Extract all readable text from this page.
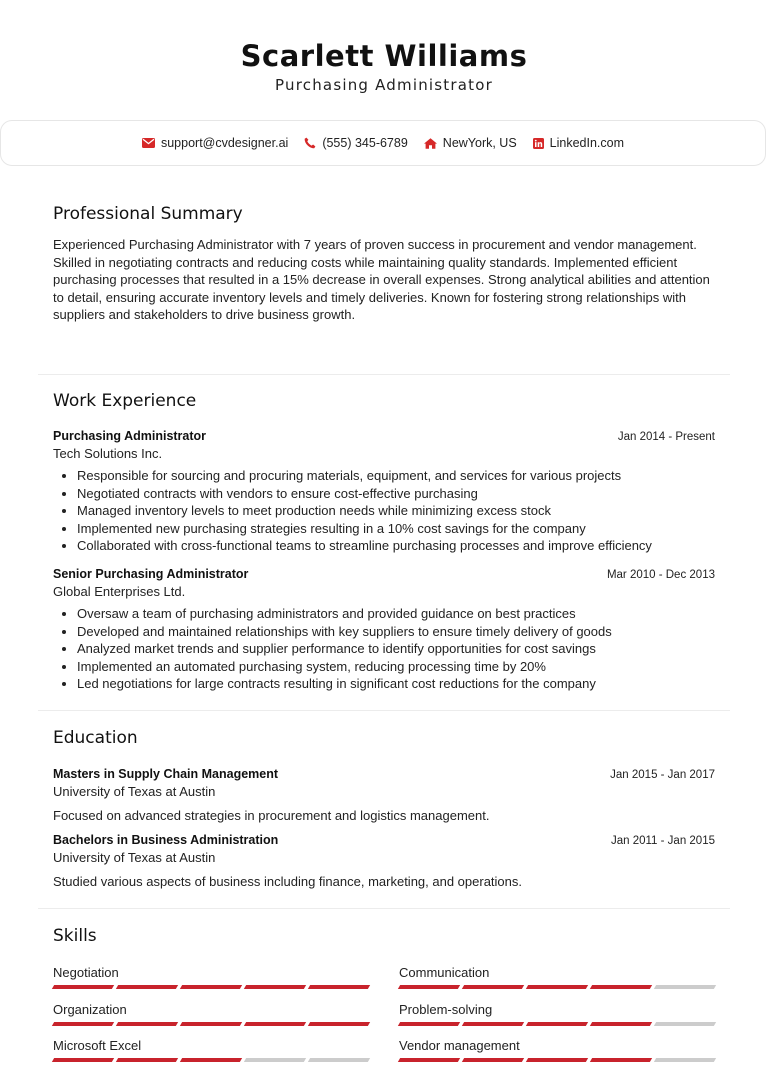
Scarlett Williams
Purchasing Administrator
support@cvdesigner.ai	(555) 345-6789	NewYork, US	LinkedIn.com
Professional Summary
Experienced Purchasing Administrator with 7 years of proven success in procurement and vendor management. Skilled in negotiating contracts and reducing costs while maintaining quality standards. Implemented efficient purchasing processes that resulted in a 15% decrease in overall expenses. Strong analytical abilities and attention to detail, ensuring accurate inventory levels and timely deliveries. Known for fostering strong relationships with suppliers and stakeholders to drive business growth.
Work Experience
Purchasing Administrator	Jan 2014 - Present
Tech Solutions Inc.
• Responsible for sourcing and procuring materials, equipment, and services for various projects
• Negotiated contracts with vendors to ensure cost-effective purchasing
• Managed inventory levels to meet production needs while minimizing excess stock
• Implemented new purchasing strategies resulting in a 10% cost savings for the company
• Collaborated with cross-functional teams to streamline purchasing processes and improve efficiency
Senior Purchasing Administrator	Mar 2010 - Dec 2013
Global Enterprises Ltd.
• Oversaw a team of purchasing administrators and provided guidance on best practices
• Developed and maintained relationships with key suppliers to ensure timely delivery of goods
• Analyzed market trends and supplier performance to identify opportunities for cost savings
• Implemented an automated purchasing system, reducing processing time by 20%
• Led negotiations for large contracts resulting in significant cost reductions for the company
Education
Masters in Supply Chain Management	Jan 2015 - Jan 2017
University of Texas at Austin
Focused on advanced strategies in procurement and logistics management.
Bachelors in Business Administration	Jan 2011 - Jan 2015
University of Texas at Austin
Studied various aspects of business including finance, marketing, and operations.
Skills
Negotiation	Communication
Organization	Problem-solving
Microsoft Excel	Vendor management
